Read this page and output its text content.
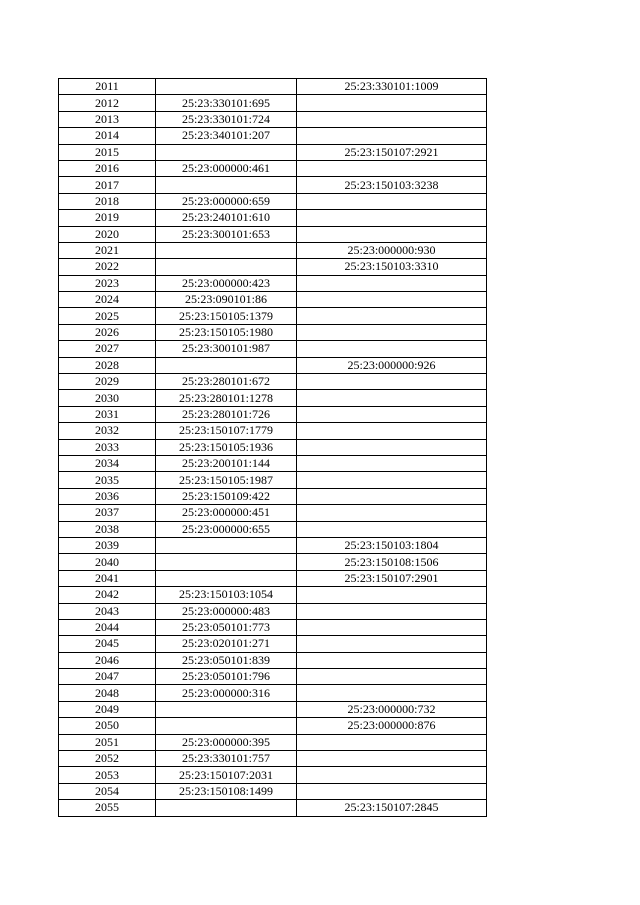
2011		25:23:330101:1009
2012	25:23:330101:695	
2013	25:23:330101:724	
2014	25:23:340101:207	
2015		25:23:150107:2921
2016	25:23:000000:461	
2017		25:23:150103:3238
2018	25:23:000000:659	
2019	25:23:240101:610	
2020	25:23:300101:653	
2021		25:23:000000:930
2022		25:23:150103:3310
2023	25:23:000000:423	
2024	25:23:090101:86	
2025	25:23:150105:1379	
2026	25:23:150105:1980	
2027	25:23:300101:987	
2028		25:23:000000:926
2029	25:23:280101:672	
2030	25:23:280101:1278	
2031	25:23:280101:726	
2032	25:23:150107:1779	
2033	25:23:150105:1936	
2034	25:23:200101:144	
2035	25:23:150105:1987	
2036	25:23:150109:422	
2037	25:23:000000:451	
2038	25:23:000000:655	
2039		25:23:150103:1804
2040		25:23:150108:1506
2041		25:23:150107:2901
2042	25:23:150103:1054	
2043	25:23:000000:483	
2044	25:23:050101:773	
2045	25:23:020101:271	
2046	25:23:050101:839	
2047	25:23:050101:796	
2048	25:23:000000:316	
2049		25:23:000000:732
2050		25:23:000000:876
2051	25:23:000000:395	
2052	25:23:330101:757	
2053	25:23:150107:2031	
2054	25:23:150108:1499	
2055		25:23:150107:2845
